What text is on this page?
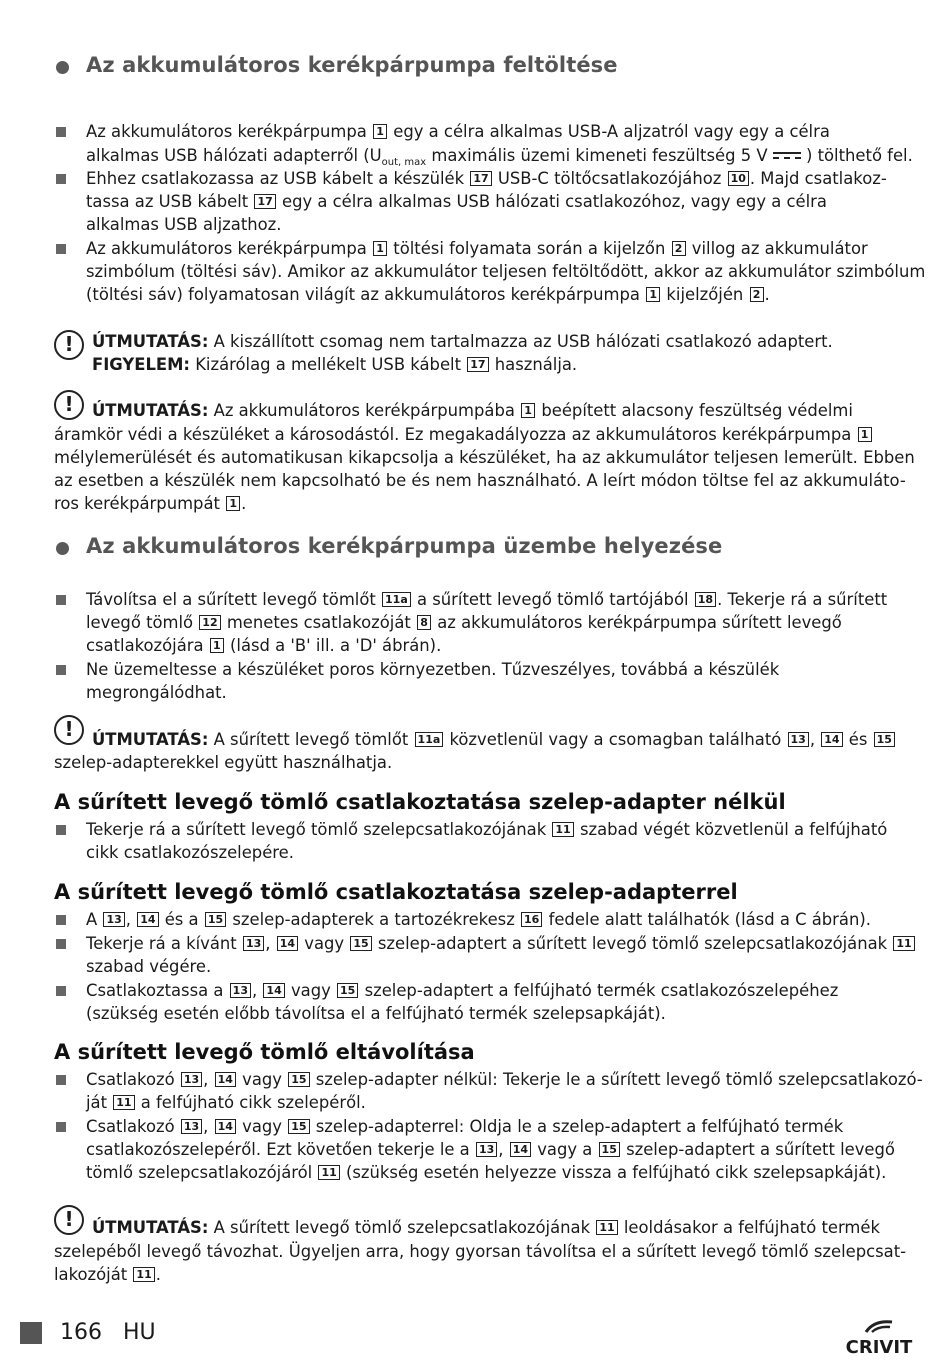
Az akkumulátoros kerékpárpumpa feltöltése
Az akkumulátoros kerékpárpumpa 1 egy a célra alkalmas USB-A aljzatról vagy egy a célra
alkalmas USB hálózati adapterről ($U_{out, max}$ maximális üzemi kimeneti feszültség 5 V ) tölthető fel.
Ehhez csatlakozassa az USB kábelt a készülék 17 USB-C töltőcsatlakozójához 10 . Majd csatlakoz-
tassa az USB kábelt 17 egy a célra alkalmas USB hálózati csatlakozóhoz, vagy egy a célra
alkalmas USB aljzathoz.
Az akkumulátoros kerékpárpumpa 1 töltési folyamata során a kijelzőn 2 villog az akkumulátor
szimbólum (töltési sáv). Amikor az akkumulátor teljesen feltöltődött, akkor az akkumulátor szimbólum
(töltési sáv) folyamatosan világít az akkumulátoros kerékpárpumpa 1 kijelzőjén 2 .
!	ÚTMUTATÁS: A kiszállított csomag nem tartalmazza az USB hálózati csatlakozó adaptert.
FIGYELEM: Kizárólag a mellékelt USB kábelt 17 használja.
!	ÚTMUTATÁS: Az akkumulátoros kerékpárpumpába 1 beépített alacsony feszültség védelmi
áramkör védi a készüléket a károsodástól. Ez megakadályozza az akkumulátoros kerékpárpumpa 1
mélylemerülését és automatikusan kikapcsolja a készüléket, ha az akkumulátor teljesen lemerült. Ebben
az esetben a készülék nem kapcsolható be és nem használható. A leírt módon töltse fel az akkumuláto-
ros kerékpárpumpát 1 .
Az akkumulátoros kerékpárpumpa üzembe helyezése
Távolítsa el a sűrített levegő tömlőt 11a a sűrített levegő tömlő tartójából 18 . Tekerje rá a sűrített
levegő tömlő 12 menetes csatlakozóját 8 az akkumulátoros kerékpárpumpa sűrített levegő
csatlakozójára 1 (lásd a 'B' ill. a 'D' ábrán).
Ne üzemeltesse a készüléket poros környezetben. Tűzveszélyes, továbbá a készülék
megrongálódhat.
!	ÚTMUTATÁS: A sűrített levegő tömlőt 11a közvetlenül vagy a csomagban található 13 , 14 és 15
szelep-adapterekkel együtt használhatja.
A sűrített levegő tömlő csatlakoztatása szelep-adapter nélkül
Tekerje rá a sűrített levegő tömlő szelepcsatlakozójának 11 szabad végét közvetlenül a felfújható
cikk csatlakozószelepére.
A sűrített levegő tömlő csatlakoztatása szelep-adapterrel
A 13 , 14 és a 15 szelep-adapterek a tartozékrekesz 16 fedele alatt találhatók (lásd a C ábrán).
Tekerje rá a kívánt 13 , 14 vagy 15 szelep-adaptert a sűrített levegő tömlő szelepcsatlakozójának 11
szabad végére.
Csatlakoztassa a 13 , 14 vagy 15 szelep-adaptert a felfújható termék csatlakozószelepéhez
(szükség esetén előbb távolítsa el a felfújható termék szelepsapkáját).
A sűrített levegő tömlő eltávolítása
Csatlakozó 13 , 14 vagy 15 szelep-adapter nélkül: Tekerje le a sűrített levegő tömlő szelepcsatlakozó-
ját 11 a felfújható cikk szelepéről.
Csatlakozó 13 , 14 vagy 15 szelep-adapterrel: Oldja le a szelep-adaptert a felfújható termék
csatlakozószelepéről. Ezt követően tekerje le a 13 , 14 vagy a 15 szelep-adaptert a sűrített levegő
tömlő szelepcsatlakozójáról 11 (szükség esetén helyezze vissza a felfújható cikk szelepsapkáját).
!	ÚTMUTATÁS: A sűrített levegő tömlő szelepcsatlakozójának 11 leoldásakor a felfújható termék
szelepéből levegő távozhat. Ügyeljen arra, hogy gyorsan távolítsa el a sűrített levegő tömlő szelepcsat-
lakozóját 11 .
166 HU
CRIVIT
